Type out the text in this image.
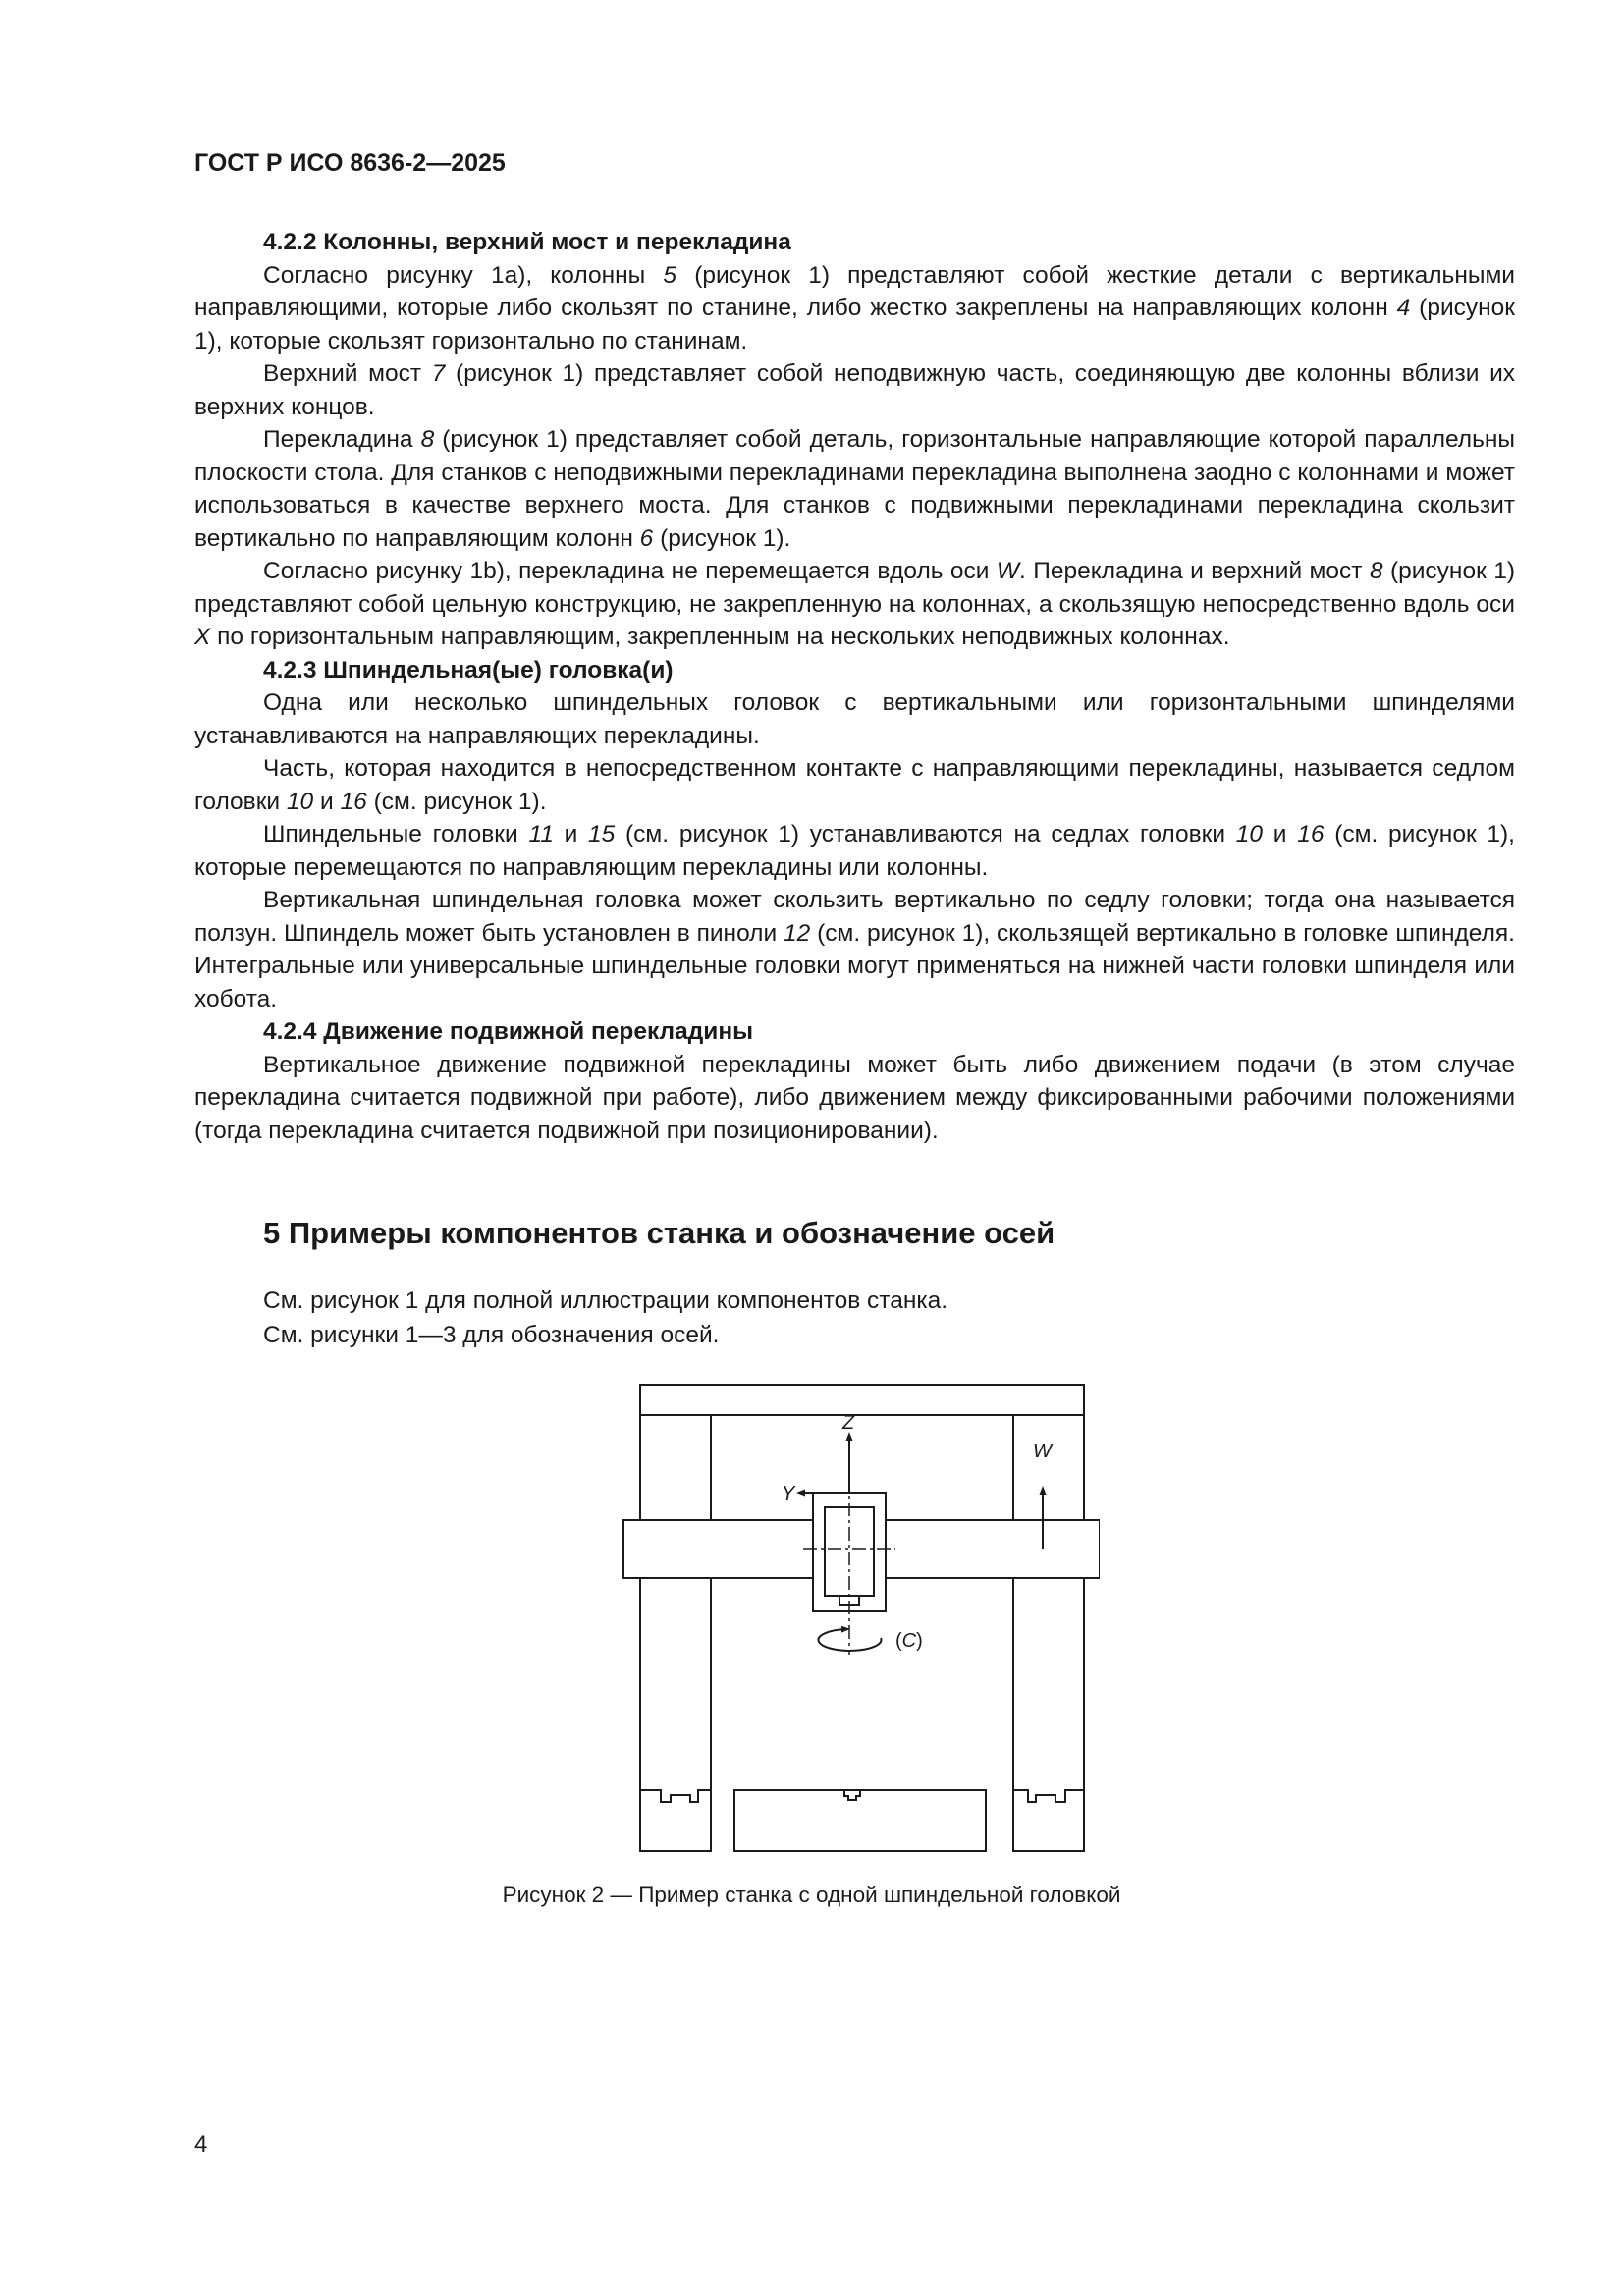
ГОСТ Р ИСО 8636-2—2025
4.2.2 Колонны, верхний мост и перекладина

Согласно рисунку 1a), колонны 5 (рисунок 1) представляют собой жесткие детали с вертикальными направляющими, которые либо скользят по станине, либо жестко закреплены на направляющих колонн 4 (рисунок 1), которые скользят горизонтально по станинам.

Верхний мост 7 (рисунок 1) представляет собой неподвижную часть, соединяющую две колонны вблизи их верхних концов.

Перекладина 8 (рисунок 1) представляет собой деталь, горизонтальные направляющие которой параллельны плоскости стола. Для станков с неподвижными перекладинами перекладина выполнена заодно с колоннами и может использоваться в качестве верхнего моста. Для станков с подвижными перекладинами перекладина скользит вертикально по направляющим колонн 6 (рисунок 1).

Согласно рисунку 1b), перекладина не перемещается вдоль оси W. Перекладина и верхний мост 8 (рисунок 1) представляют собой цельную конструкцию, не закрепленную на колоннах, а скользящую непосредственно вдоль оси X по горизонтальным направляющим, закрепленным на нескольких неподвижных колоннах.

4.2.3 Шпиндельная(ые) головка(и)

Одна или несколько шпиндельных головок с вертикальными или горизонтальными шпинделями устанавливаются на направляющих перекладины.

Часть, которая находится в непосредственном контакте с направляющими перекладины, называется седлом головки 10 и 16 (см. рисунок 1).

Шпиндельные головки 11 и 15 (см. рисунок 1) устанавливаются на седлах головки 10 и 16 (см. рисунок 1), которые перемещаются по направляющим перекладины или колонны.

Вертикальная шпиндельная головка может скользить вертикально по седлу головки; тогда она называется ползун. Шпиндель может быть установлен в пиноли 12 (см. рисунок 1), скользящей вертикально в головке шпинделя. Интегральные или универсальные шпиндельные головки могут применяться на нижней части головки шпинделя или хобота.

4.2.4 Движение подвижной перекладины

Вертикальное движение подвижной перекладины может быть либо движением подачи (в этом случае перекладина считается подвижной при работе), либо движением между фиксированными рабочими положениями (тогда перекладина считается подвижной при позиционировании).

5 Примеры компонентов станка и обозначение осей
См. рисунок 1 для полной иллюстрации компонентов станка.
См. рисунки 1—3 для обозначения осей.
Z
Y
W
(C)
Рисунок 2 — Пример станка с одной шпиндельной головкой
4
